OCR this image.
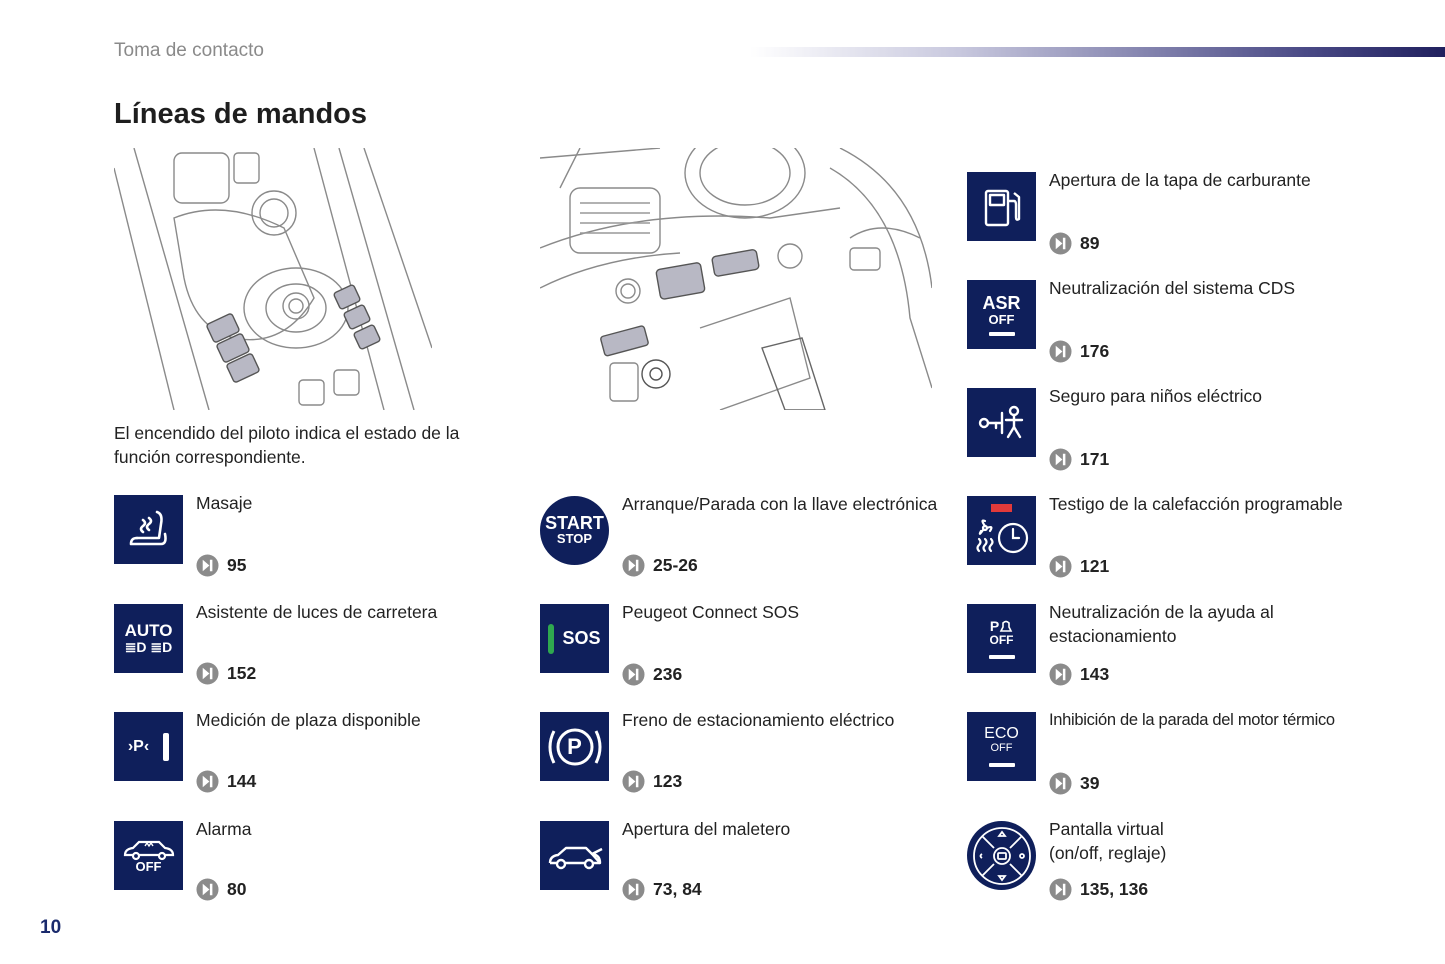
Toma de contacto
Líneas de mandos
El encendido del piloto indica el estado de la función correspondiente.
Masaje
95
AUTO
≣D ≣D
Asistente de luces de carretera
152
›P‹
Medición de plaza disponible
144
OFF
Alarma
80
START
STOP
Arranque/Parada con la llave electrónica
25-26
SOS
Peugeot Connect SOS
236
P
Freno de estacionamiento eléctrico
123
Apertura del maletero
73, 84
Apertura de la tapa de carburante
89
ASR
OFF
Neutralización del sistema CDS
176
Seguro para niños eléctrico
171
Testigo de la calefacción programable
121
P
OFF
Neutralización de la ayuda al estacionamiento
143
ECO
OFF
Inhibición de la parada del motor térmico
39
Pantalla virtual (on/off, reglaje)
135, 136
10
